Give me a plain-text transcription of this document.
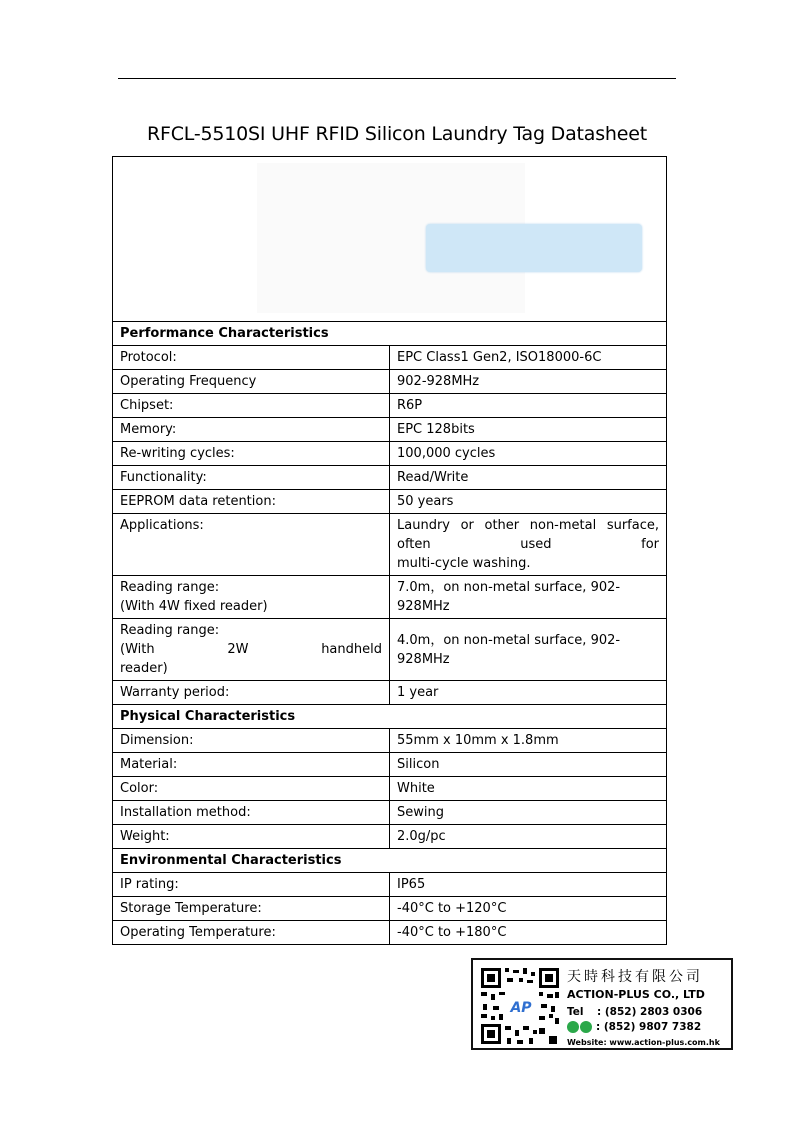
RFCL-5510SI UHF RFID Silicon Laundry Tag Datasheet

Performance Characteristics	
Protocol:	EPC Class1 Gen2, ISO18000-6C
Operating Frequency	902-928MHz
Chipset:	R6P
Memory:	EPC 128bits
Re-writing cycles:	100,000 cycles
Functionality:	Read/Write
EEPROM data retention:	50 years
Applications:	Laundry or other non-metal surface, often used for
multi-cycle washing.

Reading range:
(With 4W fixed reader)	7.0m，on non-metal surface, 902-928MHz

Reading range:
(With 2W handheld
reader)	4.0m，on non-metal surface, 902-928MHz
Warranty period:	1 year
Physical Characteristics	
Dimension:	55mm x 10mm x 1.8mm
Material:	Silicon
Color:	White
Installation method:	Sewing
Weight:	2.0g/pc
Environmental Characteristics	
IP rating:	IP65
Storage Temperature:	-40°C to +120°C
Operating Temperature:	-40°C to +180°C
AP
天時科技有限公司
ACTION-PLUS CO., LTD
Tel : (852) 2803 0306
: (852) 9807 7382
Website: www.action-plus.com.hk
